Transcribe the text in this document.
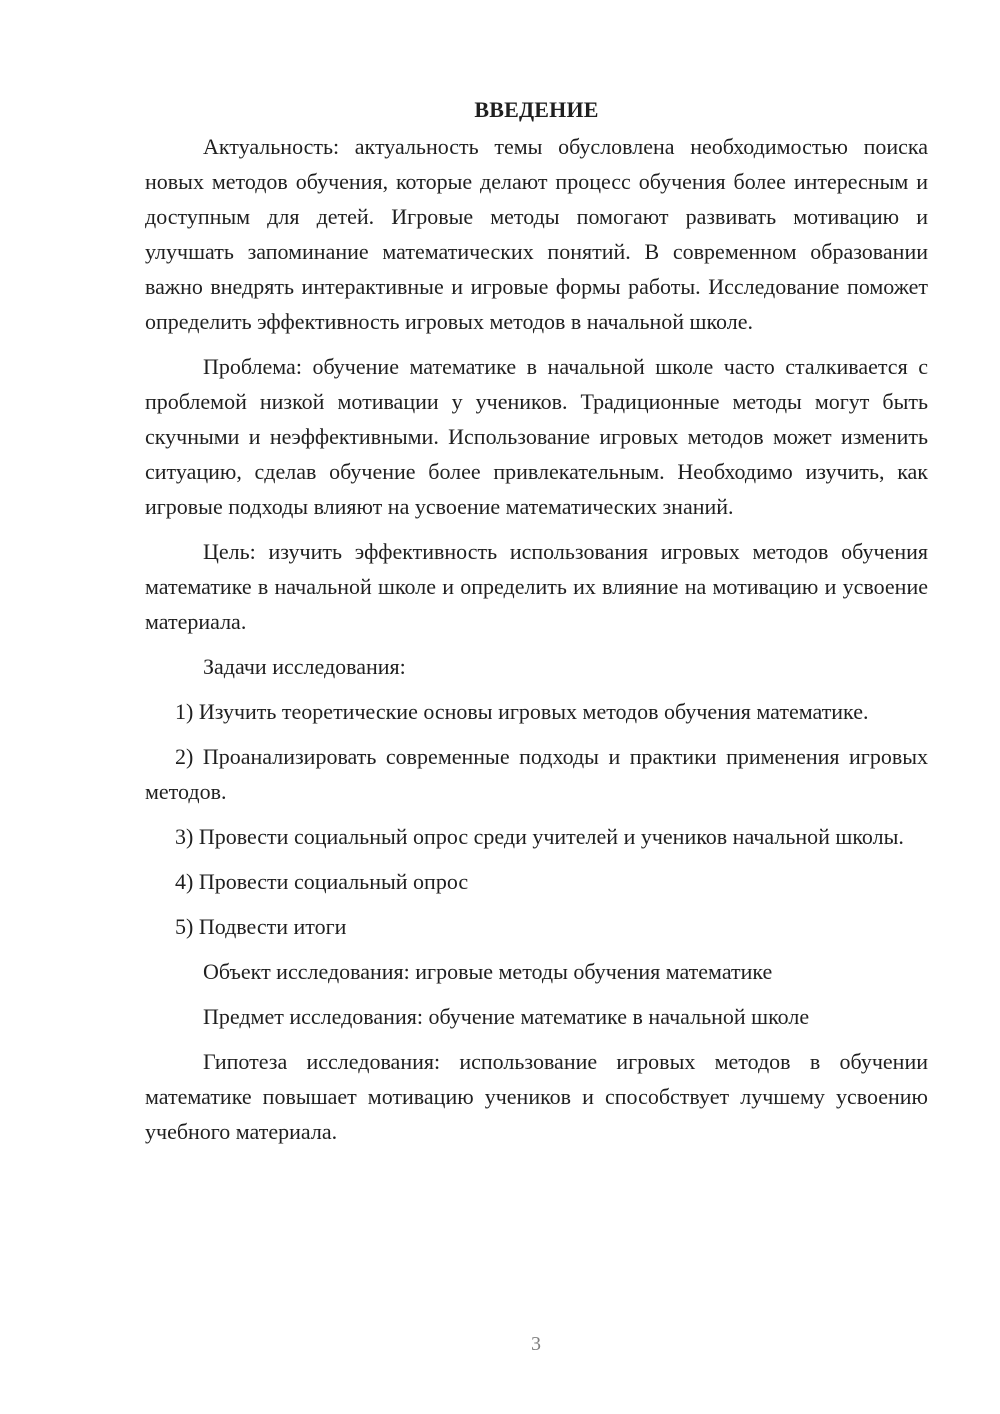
ВВЕДЕНИЕ

Актуальность: актуальность темы обусловлена необходимостью поиска новых методов обучения, которые делают процесс обучения более интересным и доступным для детей. Игровые методы помогают развивать мотивацию и улучшать запоминание математических понятий. В современном образовании важно внедрять интерактивные и игровые формы работы. Исследование поможет определить эффективность игровых методов в начальной школе.

Проблема: обучение математике в начальной школе часто сталкивается с проблемой низкой мотивации у учеников. Традиционные методы могут быть скучными и неэффективными. Использование игровых методов может изменить ситуацию, сделав обучение более привлекательным. Необходимо изучить, как игровые подходы влияют на усвоение математических знаний.

Цель: изучить эффективность использования игровых методов обучения математике в начальной школе и определить их влияние на мотивацию и усвоение материала.

Задачи исследования:

1) Изучить теоретические основы игровых методов обучения математике.

2) Проанализировать современные подходы и практики применения игровых методов.

3) Провести социальный опрос среди учителей и учеников начальной школы.

4) Провести социальный опрос

5) Подвести итоги

Объект исследования: игровые методы обучения математике

Предмет исследования: обучение математике в начальной школе

Гипотеза исследования: использование игровых методов в обучении математике повышает мотивацию учеников и способствует лучшему усвоению учебного материала.

3
